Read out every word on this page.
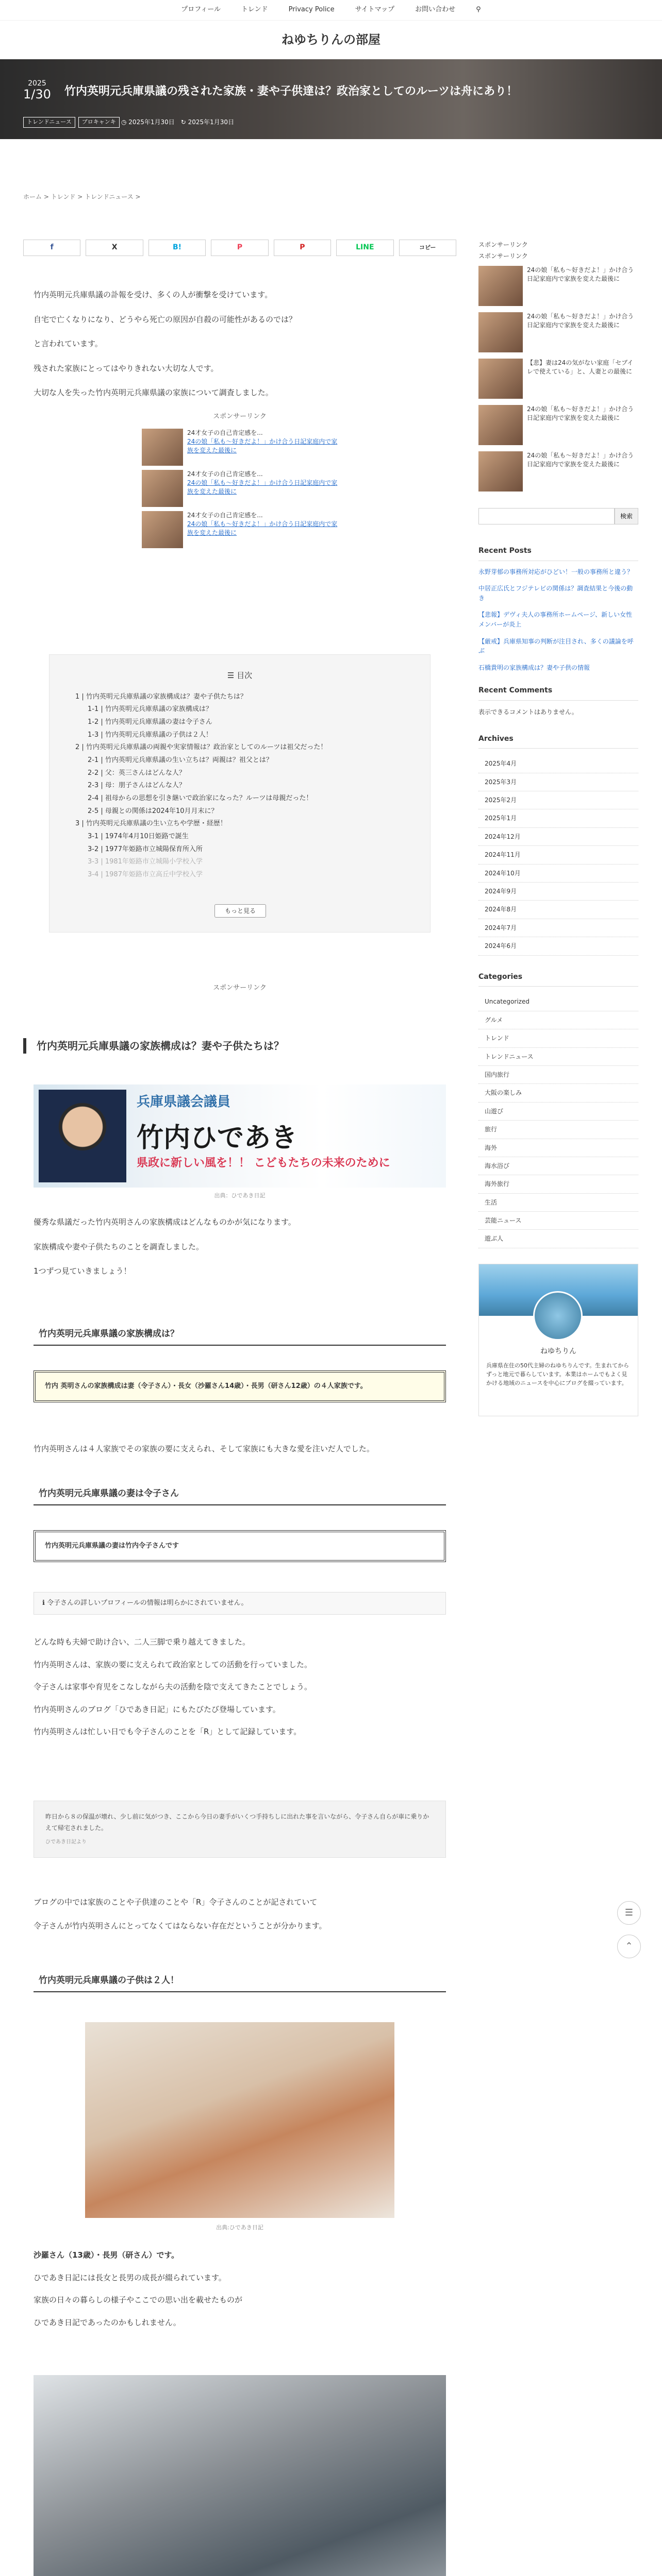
プロフィール	トレンド	Privacy Police	サイトマップ	お問い合わせ	⚲
ねゆちりんの部屋
2025
1/30 竹内英明元兵庫県議の残された家族・妻や子供達は？政治家としてのルーツは舟にあり！
トレンドニュース	プロキャンキ ◷ 2025年1月30日　↻ 2025年1月30日
ホーム > トレンド > トレンドニュース >
f	X	B!	P	P	LINE	コピー

竹内英明元兵庫県議の訃報を受け、多くの人が衝撃を受けています。

自宅で亡くなりになり、どうやら死亡の原因が自殺の可能性があるのでは？

と言われています。

残された家族にとってはやりきれない大切な人です。

大切な人を失った竹内英明元兵庫県議の家族について調査しました。

スポンサーリンク
24才女子の自己肯定感を...
24の娘「私も～好きだよ！」かけ合う日記家庭内で家族を変えた最後に
24才女子の自己肯定感を...
24の娘「私も～好きだよ！」かけ合う日記家庭内で家族を変えた最後に
24才女子の自己肯定感を...
24の娘「私も～好きだよ！」かけ合う日記家庭内で家族を変えた最後に
☰ 目次
1 | 竹内英明元兵庫県議の家族構成は？妻や子供たちは？
1-1 | 竹内英明元兵庫県議の家族構成は？
1-2 | 竹内英明元兵庫県議の妻は令子さん
1-3 | 竹内英明元兵庫県議の子供は２人！
2 | 竹内英明元兵庫県議の両親や実家情報は？政治家としてのルーツは祖父だった！
2-1 | 竹内英明元兵庫県議の生い立ちは？両親は？祖父とは？
2-2 | 父：英三さんはどんな人？
2-3 | 母：朋子さんはどんな人？
2-4 | 祖母からの思想を引き継いで政治家になった？ルーツは母親だった！
2-5 | 母親との関係は2024年10月月末に？
3 | 竹内英明元兵庫県議の生い立ちや学歴・経歴！
3-1 | 1974年4月10日姫路で誕生
3-2 | 1977年姫路市立城陽保育所入所
3-3 | 1981年姫路市立城陽小学校入学
3-4 | 1987年姫路市立高丘中学校入学
もっと見る
スポンサーリンク
竹内英明元兵庫県議の家族構成は？妻や子供たちは？
兵庫県議会議員
竹内ひであき
県政に新しい風を！！ こどもたちの未来のために
出典：ひであき日記

優秀な県議だった竹内英明さんの家族構成はどんなものかが気になります。

家族構成や妻や子供たちのことを調査しました。

1つずつ見ていきましょう！

竹内英明元兵庫県議の家族構成は？
竹内 英明さんの家族構成は妻（令子さん）・長女（沙羅さん14歳）・長男（研さん12歳）の４人家族です。
竹内英明さんは４人家族でその家族の要に支えられ、そして家族にも大きな愛を注いだ人でした。
竹内英明元兵庫県議の妻は令子さん
竹内英明元兵庫県議の妻は竹内令子さんです
ℹ 令子さんの詳しいプロフィールの情報は明らかにされていません。

どんな時も夫婦で助け合い、二人三脚で乗り越えてきました。

竹内英明さんは、家族の要に支えられて政治家としての活動を行っていました。

令子さんは家事や育児をこなしながら夫の活動を陰で支えてきたことでしょう。

竹内英明さんのブログ「ひであき日記」にもたびたび登場しています。

竹内英明さんは忙しい日でも令子さんのことを「R」として記録しています。

昨日から８の保温が壊れ、少し前に気がつき、ここから今日の妻手がいくつ手持ちしに出れた事を言いながら、令子さん自らが車に乗りかえて帰宅されました。
ひであき日記より

ブログの中では家族のことや子供達のことや「R」令子さんのことが記されていて

令子さんが竹内英明さんにとってなくてはならない存在だということが分かります。

竹内英明元兵庫県議の子供は２人！
出典:ひであき日記

沙羅さん（13歳）・長男（研さん）です。

ひであき日記には長女と長男の成長が綴られています。

家族の日々の暮らしの様子やここでの思い出を載せたものが

ひであき日記であったのかもしれません。

スポンサーリンク
スポンサーリンク
24の娘「私も～好きだよ！」かけ合う日記家庭内で家族を変えた最後に
24の娘「私も～好きだよ！」かけ合う日記家庭内で家族を変えた最後に
【悲】妻は24の気がない家庭「セブイレで使えている」と、人妻との最後に
24の娘「私も～好きだよ！」かけ合う日記家庭内で家族を変えた最後に
24の娘「私も～好きだよ！」かけ合う日記家庭内で家族を変えた最後に
検索
Recent Posts
永野芽郁の事務所対応がひどい！一般の事務所と違う？
中居正広氏とフジテレビの関係は？調査結果と今後の動き
【悲報】デヴィ夫人の事務所ホームページ、新しい女性メンバーが炎上
【厳戒】兵庫県知事の判断が注目され、多くの議論を呼ぶ
石橋貴明の家族構成は？妻や子供の情報
Recent Comments
表示できるコメントはありません。
Archives
2025年4月
2025年3月
2025年2月
2025年1月
2024年12月
2024年11月
2024年10月
2024年9月
2024年8月
2024年7月
2024年6月
Categories
Uncategorized
グルメ
トレンド
トレンドニュース
国内旅行
大阪の楽しみ
山遊び
旅行
海外
海水浴び
海外旅行
生活
芸能ニュース
遊ぶ人
ねゆちりん
兵庫県在住の50代主婦のねゆちりんです。生まれてからずっと地元で暮らしています。本業はホームでもよく見かける地域のニュースを中心にブログを綴っています。
☰
⌃
